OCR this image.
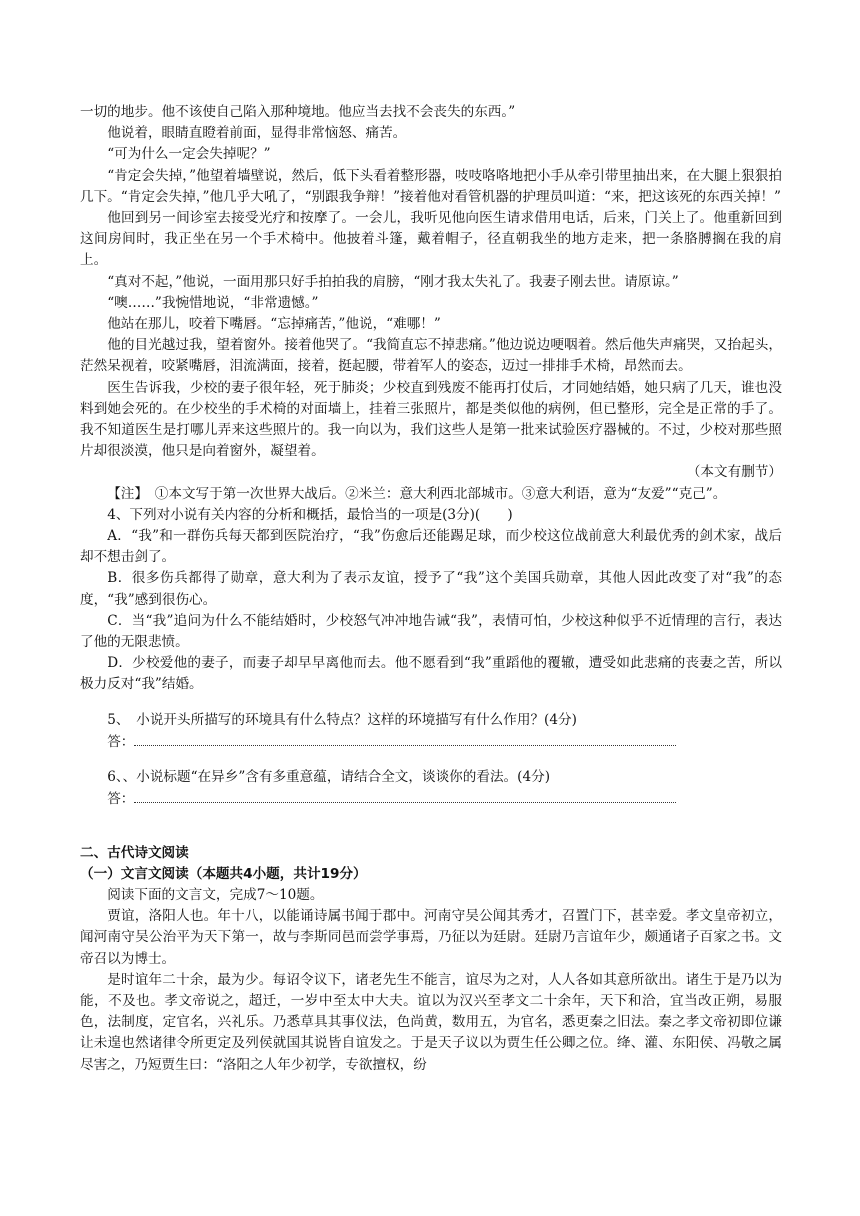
一切的地步。他不该使自己陷入那种境地。他应当去找不会丧失的东西。”

他说着，眼睛直瞪着前面，显得非常恼怒、痛苦。

“可为什么一定会失掉呢？”

“肯定会失掉，”他望着墙壁说，然后，低下头看着整形器，吱吱咯咯地把小手从牵引带里抽出来，在大腿上狠狠拍几下。“肯定会失掉，”他几乎大吼了，“别跟我争辩！”接着他对看管机器的护理员叫道：“来，把这该死的东西关掉！”

他回到另一间诊室去接受光疗和按摩了。一会儿，我听见他向医生请求借用电话，后来，门关上了。他重新回到这间房间时，我正坐在另一个手术椅中。他披着斗篷，戴着帽子，径直朝我坐的地方走来，把一条胳膊搁在我的肩上。

“真对不起，”他说，一面用那只好手拍拍我的肩膀，“刚才我太失礼了。我妻子刚去世。请原谅。”

“噢……”我惋惜地说，“非常遗憾。”

他站在那儿，咬着下嘴唇。“忘掉痛苦，”他说，“难哪！”

他的目光越过我，望着窗外。接着他哭了。“我简直忘不掉悲痛。”他边说边哽咽着。然后他失声痛哭，又抬起头，茫然呆视着，咬紧嘴唇，泪流满面，接着，挺起腰，带着军人的姿态，迈过一排排手术椅，昂然而去。

医生告诉我，少校的妻子很年轻，死于肺炎；少校直到残废不能再打仗后，才同她结婚，她只病了几天，谁也没料到她会死的。在少校坐的手术椅的对面墙上，挂着三张照片，都是类似他的病例，但已整形，完全是正常的手了。我不知道医生是打哪儿弄来这些照片的。我一向以为，我们这些人是第一批来试验医疗器械的。不过，少校对那些照片却很淡漠，他只是向着窗外，凝望着。

（本文有删节）

【注】　①本文写于第一次世界大战后。②米兰：意大利西北部城市。③意大利语，意为“友爱”“克己”。

4、下列对小说有关内容的分析和概括，最恰当的一项是(3分)(　　)

A．“我”和一群伤兵每天都到医院治疗，“我”伤愈后还能踢足球，而少校这位战前意大利最优秀的剑术家，战后却不想击剑了。

B．很多伤兵都得了勋章，意大利为了表示友谊，授予了“我”这个美国兵勋章，其他人因此改变了对“我”的态度，“我”感到很伤心。

C．当“我”追问为什么不能结婚时，少校怒气冲冲地告诫“我”，表情可怕，少校这种似乎不近情理的言行，表达了他的无限悲愤。

D．少校爱他的妻子，而妻子却早早离他而去。他不愿看到“我”重蹈他的覆辙，遭受如此悲痛的丧妻之苦，所以极力反对“我”结婚。

5、　小说开头所描写的环境具有什么特点？这样的环境描写有什么作用？(4分)

答：

6、、小说标题“在异乡”含有多重意蕴，请结合全文，谈谈你的看法。(4分)

答：

二、古代诗文阅读

（一）文言文阅读（本题共4小题，共计19分）

阅读下面的文言文，完成7～10题。

贾谊，洛阳人也。年十八，以能诵诗属书闻于郡中。河南守吴公闻其秀才，召置门下，甚幸爱。孝文皇帝初立，闻河南守吴公治平为天下第一，故与李斯同邑而尝学事焉，乃征以为廷尉。廷尉乃言谊年少，颇通诸子百家之书。文帝召以为博士。

是时谊年二十余，最为少。每诏令议下，诸老先生不能言，谊尽为之对，人人各如其意所欲出。诸生于是乃以为能，不及也。孝文帝说之，超迁，一岁中至太中大夫。谊以为汉兴至孝文二十余年，天下和洽，宜当改正朔，易服色，法制度，定官名，兴礼乐。乃悉草具其事仪法，色尚黄，数用五，为官名，悉更秦之旧法。秦之孝文帝初即位谦让未遑也然诸律令所更定及列侯就国其说皆自谊发之。于是天子议以为贾生任公卿之位。绛、灌、东阳侯、冯敬之属尽害之，乃短贾生曰：“洛阳之人年少初学，专欲擅权，纷
